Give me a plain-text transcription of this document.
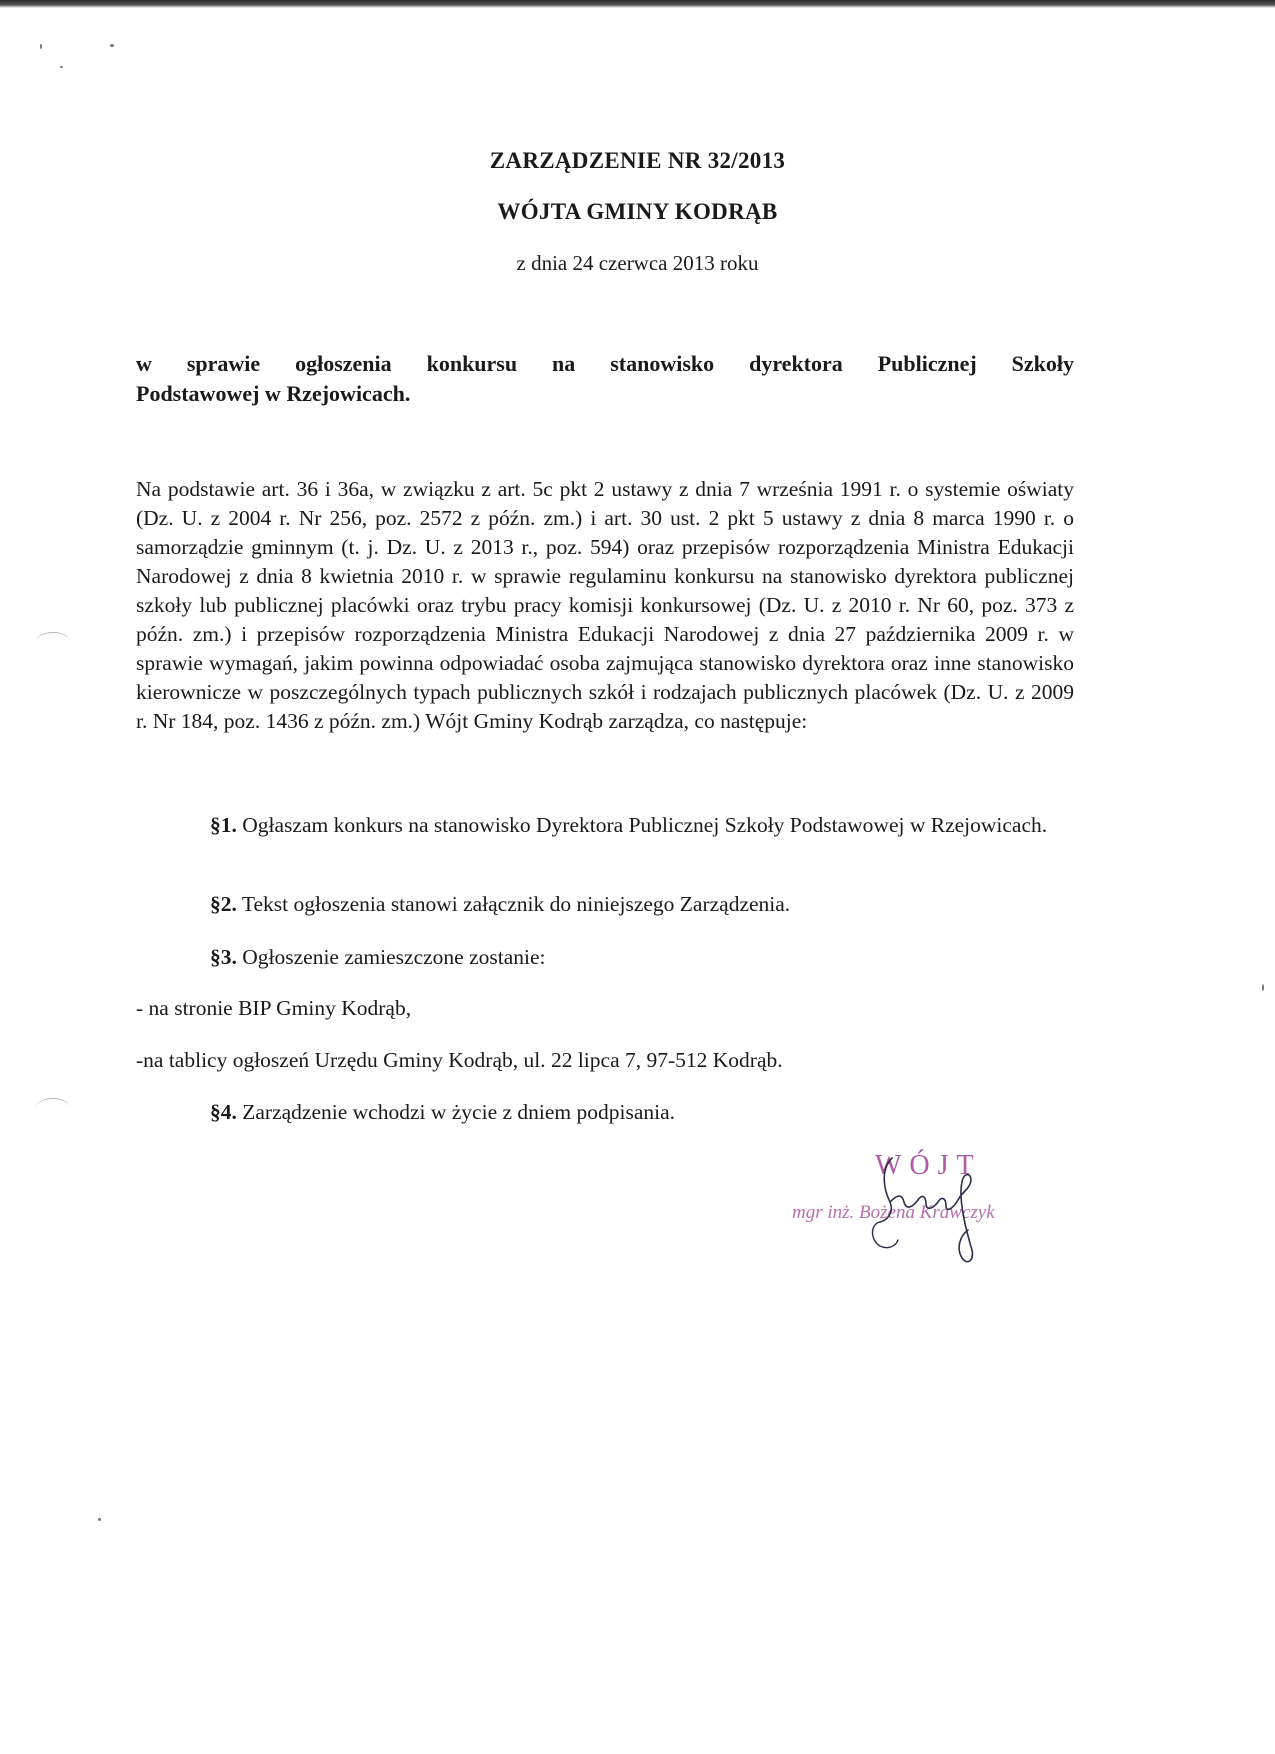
ZARZĄDZENIE NR 32/2013
WÓJTA GMINY KODRĄB
z dnia 24 czerwca 2013 roku
w sprawie ogłoszenia konkursu na stanowisko dyrektora Publicznej Szkoły
Podstawowej w Rzejowicach.
Na podstawie art. 36 i 36a, w związku z art. 5c pkt 2 ustawy z dnia 7 września 1991 r. o systemie oświaty (Dz. U. z 2004 r. Nr 256, poz. 2572 z późn. zm.) i art. 30 ust. 2 pkt 5 ustawy z dnia 8 marca 1990 r. o samorządzie gminnym (t. j. Dz. U. z 2013 r., poz. 594) oraz przepisów rozporządzenia Ministra Edukacji Narodowej z dnia 8 kwietnia 2010 r. w sprawie regulaminu konkursu na stanowisko dyrektora publicznej szkoły lub publicznej placówki oraz trybu pracy komisji konkursowej (Dz. U. z 2010 r. Nr 60, poz. 373 z późn. zm.) i przepisów rozporządzenia Ministra Edukacji Narodowej z dnia 27 października 2009 r. w sprawie wymagań, jakim powinna odpowiadać osoba zajmująca stanowisko dyrektora oraz inne stanowisko kierownicze w poszczególnych typach publicznych szkół i rodzajach publicznych placówek (Dz. U. z 2009 r. Nr 184, poz. 1436 z późn. zm.) Wójt Gminy Kodrąb zarządza, co następuje:
§1. Ogłaszam konkurs na stanowisko Dyrektora Publicznej Szkoły Podstawowej w Rzejowicach.
§2. Tekst ogłoszenia stanowi załącznik do niniejszego Zarządzenia.
§3. Ogłoszenie zamieszczone zostanie:
- na stronie BIP Gminy Kodrąb,
-na tablicy ogłoszeń Urzędu Gminy Kodrąb, ul. 22 lipca 7, 97-512 Kodrąb.
§4. Zarządzenie wchodzi w życie z dniem podpisania.
WÓJT
mgr inż. Bożena Krawczyk
